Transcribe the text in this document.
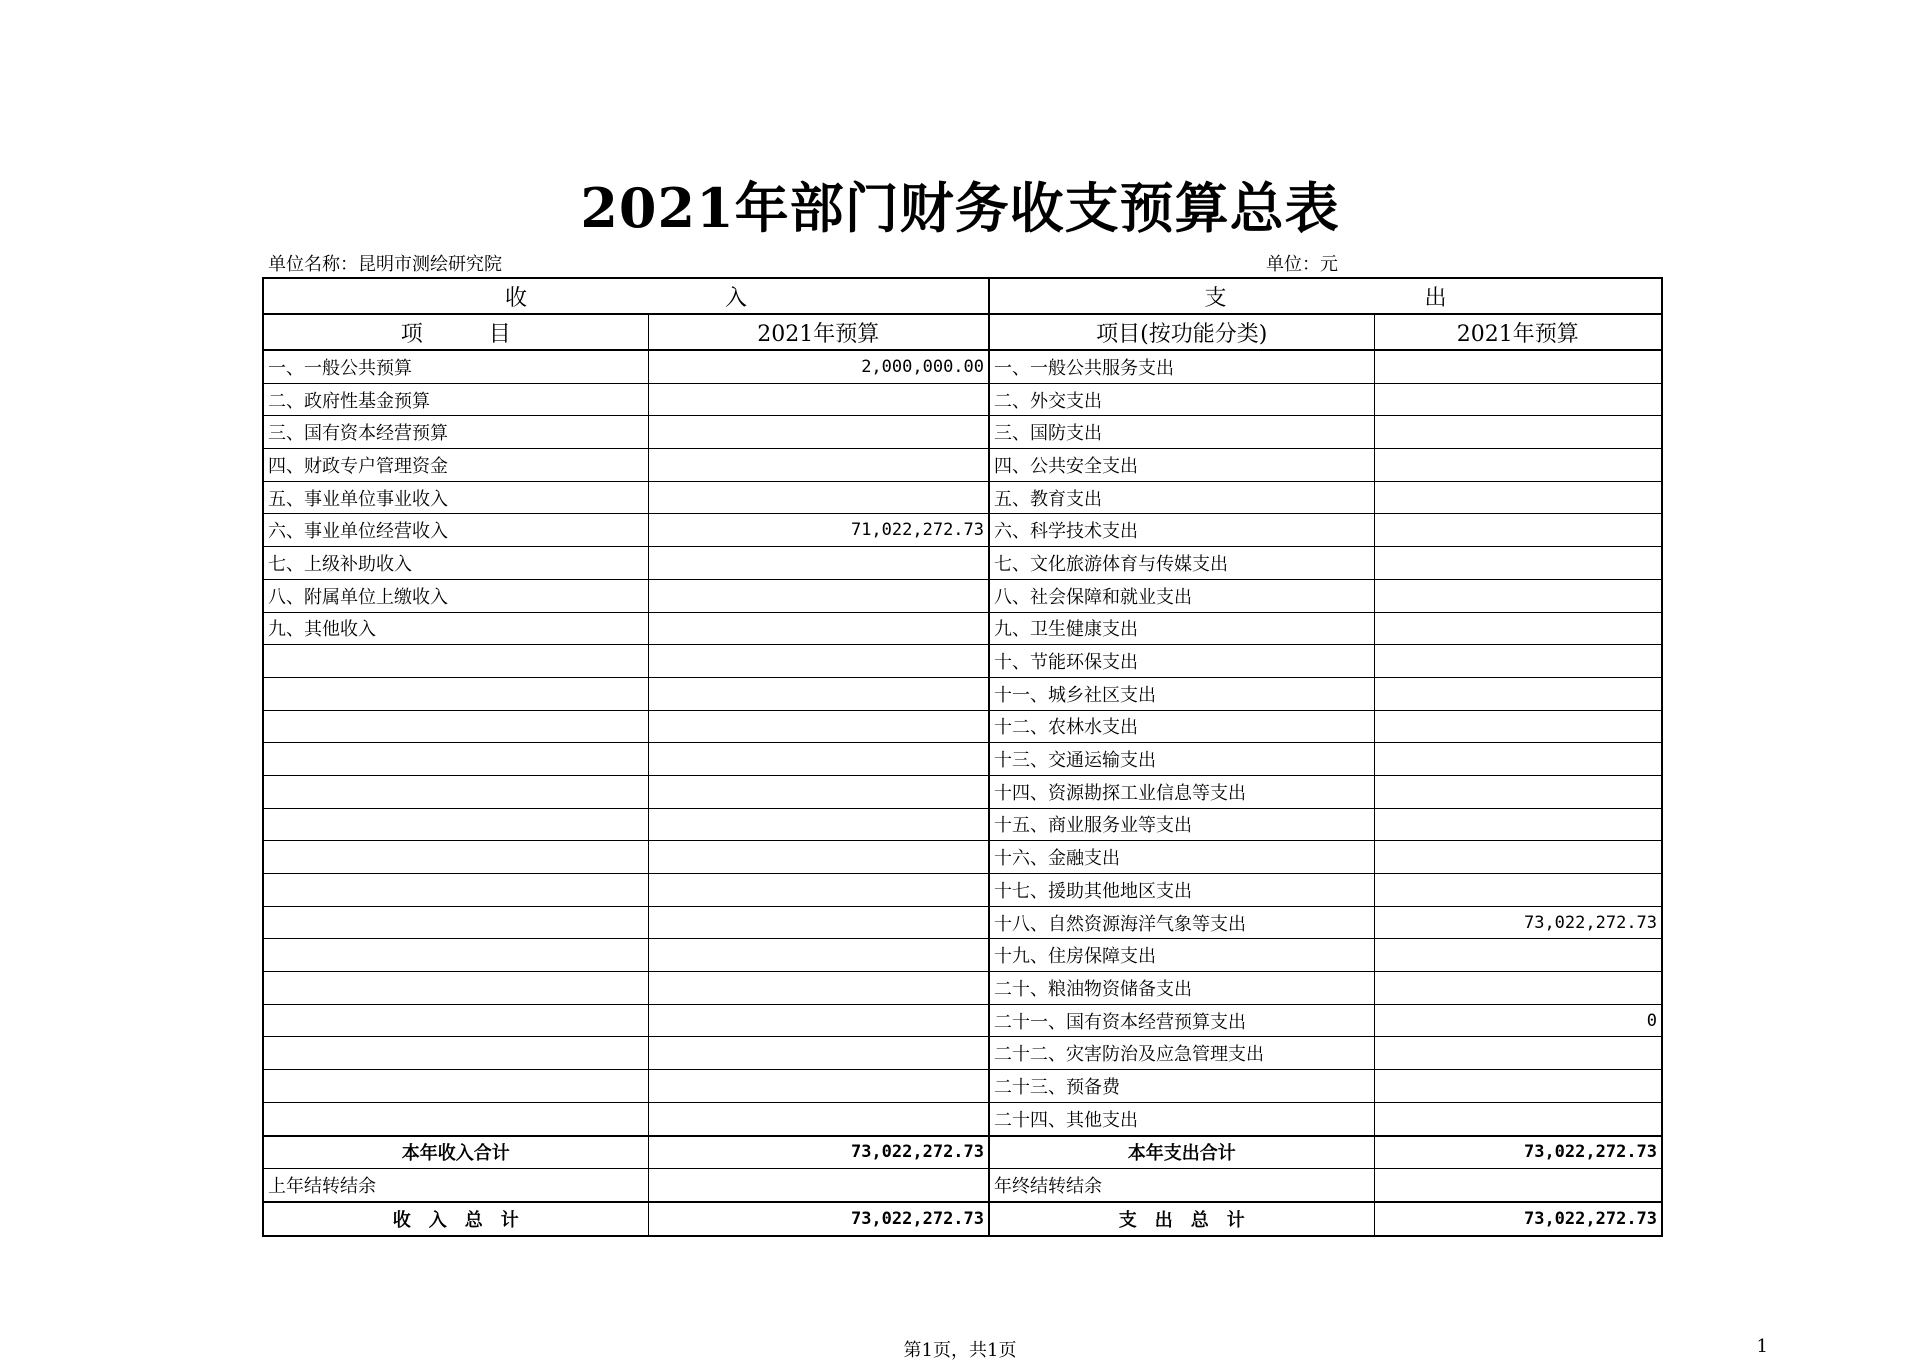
2021年部门财务收支预算总表
单位名称：昆明市测绘研究院	单位：元
收　　　　　　　　　入		支　　　　　　　　　出	
项　　　目	2021年预算	项目(按功能分类)	2021年预算
一、一般公共预算	2,000,000.00	一、一般公共服务支出	
二、政府性基金预算		二、外交支出	
三、国有资本经营预算		三、国防支出	
四、财政专户管理资金		四、公共安全支出	
五、事业单位事业收入		五、教育支出	
六、事业单位经营收入	71,022,272.73	六、科学技术支出	
七、上级补助收入		七、文化旅游体育与传媒支出	
八、附属单位上缴收入		八、社会保障和就业支出	
九、其他收入		九、卫生健康支出	
		十、节能环保支出	
		十一、城乡社区支出	
		十二、农林水支出	
		十三、交通运输支出	
		十四、资源勘探工业信息等支出	
		十五、商业服务业等支出	
		十六、金融支出	
		十七、援助其他地区支出	
		十八、自然资源海洋气象等支出	73,022,272.73
		十九、住房保障支出	
		二十、粮油物资储备支出	
		二十一、国有资本经营预算支出	0
		二十二、灾害防治及应急管理支出	
		二十三、预备费	
		二十四、其他支出	
本年收入合计	73,022,272.73	本年支出合计	73,022,272.73
上年结转结余		年终结转结余	
收　入　总　计	73,022,272.73	支　出　总　计	73,022,272.73
第1页，共1页	1
